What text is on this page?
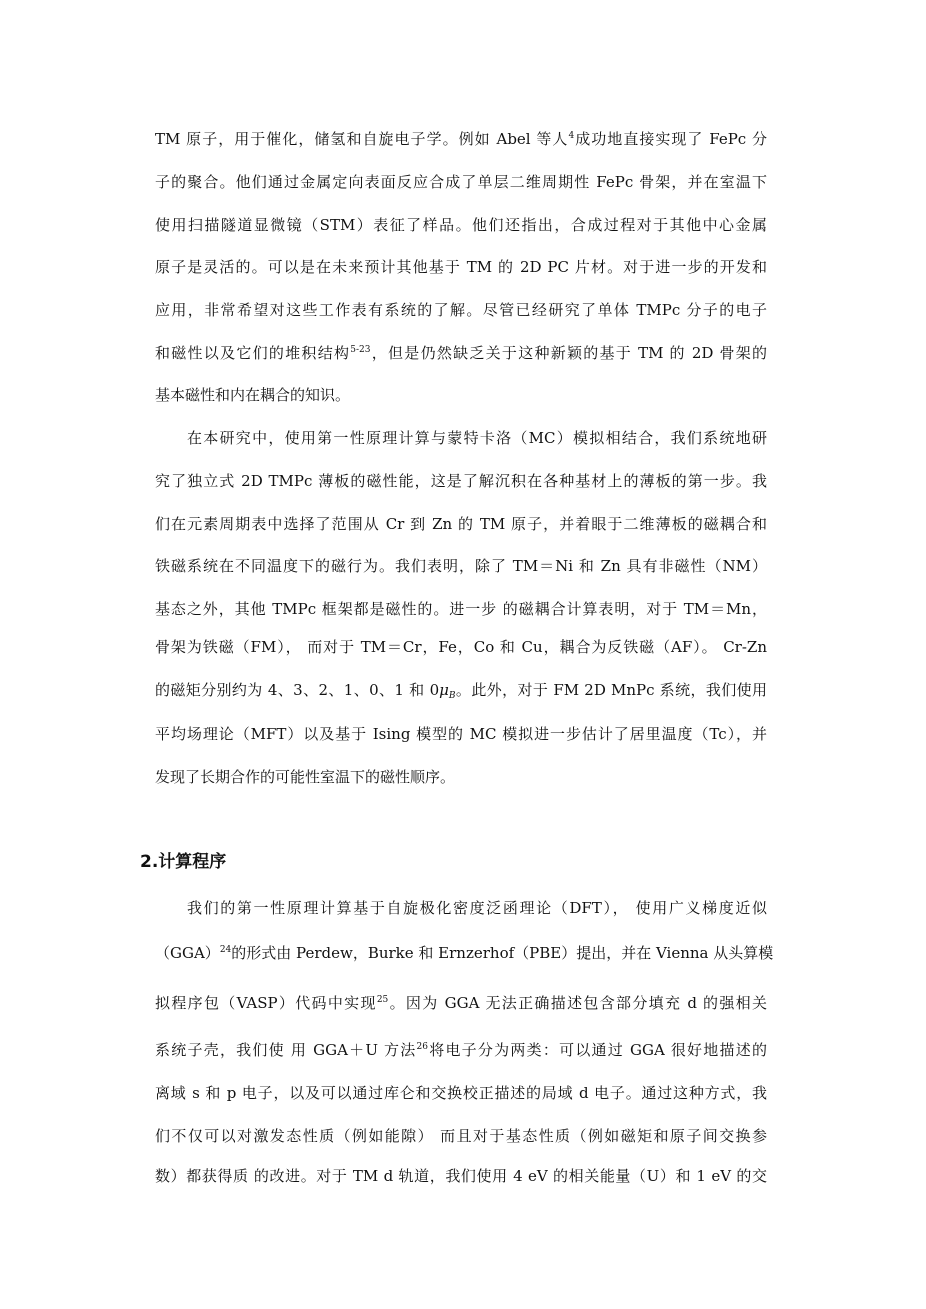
TM 原子，用于催化，储氢和自旋电子学。例如 Abel 等人$^4$成功地直接实现了 FePc 分
子的聚合。他们通过金属定向表面反应合成了单层二维周期性 FePc 骨架，并在室温下
使用扫描隧道显微镜（STM）表征了样品。他们还指出，合成过程对于其他中心金属
原子是灵活的。可以是在未来预计其他基于 TM 的 2D PC 片材。对于进一步的开发和
应用，非常希望对这些工作表有系统的了解。尽管已经研究了单体 TMPc 分子的电子
和磁性以及它们的堆积结构$^{5-23}$，但是仍然缺乏关于这种新颖的基于 TM 的 2D 骨架的
基本磁性和内在耦合的知识。
在本研究中，使用第一性原理计算与蒙特卡洛（MC）模拟相结合，我们系统地研
究了独立式 2D TMPc 薄板的磁性能，这是了解沉积在各种基材上的薄板的第一步。我
们在元素周期表中选择了范围从 Cr 到 Zn 的 TM 原子，并着眼于二维薄板的磁耦合和
铁磁系统在不同温度下的磁行为。我们表明，除了 TM＝Ni 和 Zn 具有非磁性（NM）
基态之外，其他 TMPc 框架都是磁性的。进一步 的磁耦合计算表明，对于 TM＝Mn，
骨架为铁磁（FM）， 而对于 TM＝Cr，Fe，Co 和 Cu，耦合为反铁磁（AF）。 Cr-Zn
的磁矩分别约为 4、3、2、1、0、1 和 $0\mu_B$。此外，对于 FM 2D MnPc 系统，我们使用
平均场理论（MFT）以及基于 Ising 模型的 MC 模拟进一步估计了居里温度（Tc），并
发现了长期合作的可能性室温下的磁性顺序。
2.计算程序
我们的第一性原理计算基于自旋极化密度泛函理论（DFT）， 使用广义梯度近似
（GGA）$^{24}$的形式由 Perdew，Burke 和 Ernzerhof（PBE）提出，并在 Vienna 从头算模
拟程序包（VASP）代码中实现$^{25}$。因为 GGA 无法正确描述包含部分填充 d 的强相关
系统子壳，我们使 用 GGA＋U 方法$^{26}$将电子分为两类：可以通过 GGA 很好地描述的
离域 s 和 p 电子，以及可以通过库仑和交换校正描述的局域 d 电子。通过这种方式，我
们不仅可以对激发态性质（例如能隙） 而且对于基态性质（例如磁矩和原子间交换参
数）都获得质 的改进。对于 TM d 轨道，我们使用 4 eV 的相关能量（U）和 1 eV 的交
